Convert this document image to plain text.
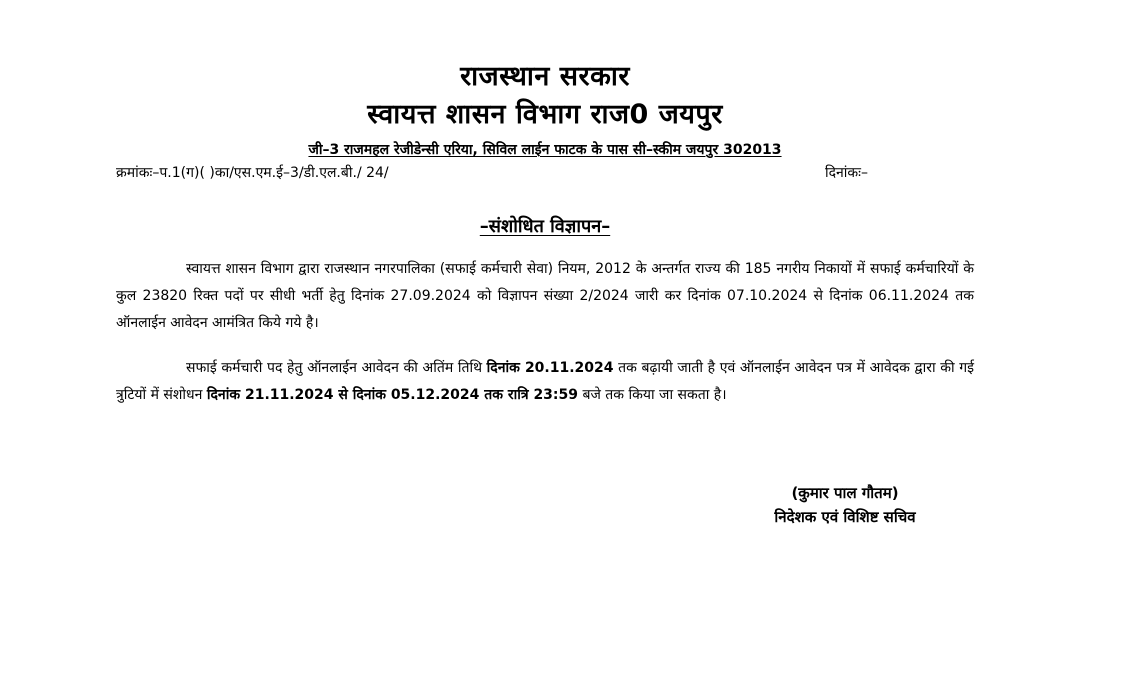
राजस्थान सरकार
स्वायत्त शासन विभाग राज0 जयपुर
जी–3 राजमहल रेजीडेन्सी एरिया, सिविल लाईन फाटक के पास सी–स्कीम जयपुर 302013
क्रमांकः–प.1(ग)( )का/एस.एम.ई–3/डी.एल.बी./ 24/	दिनांकः–
–संशोधित विज्ञापन–
स्वायत्त शासन विभाग द्वारा राजस्थान नगरपालिका (सफाई कर्मचारी सेवा) नियम, 2012 के अन्तर्गत राज्य की 185 नगरीय निकायों में सफाई कर्मचारियों के कुल 23820 रिक्त पदों पर सीधी भर्ती हेतु दिनांक 27.09.2024 को विज्ञापन संख्या 2/2024 जारी कर दिनांक 07.10.2024 से दिनांक 06.11.2024 तक ऑनलाईन आवेदन आमंत्रित किये गये है।
सफाई कर्मचारी पद हेतु ऑनलाईन आवेदन की अतिंम तिथि दिनांक 20.11.2024 तक बढ़ायी जाती है एवं ऑनलाईन आवेदन पत्र में आवेदक द्वारा की गई त्रुटियों में संशोधन दिनांक 21.11.2024 से दिनांक 05.12.2024 तक रात्रि 23:59 बजे तक किया जा सकता है।
(कुमार पाल गौतम)
निदेशक एवं विशिष्ट सचिव
